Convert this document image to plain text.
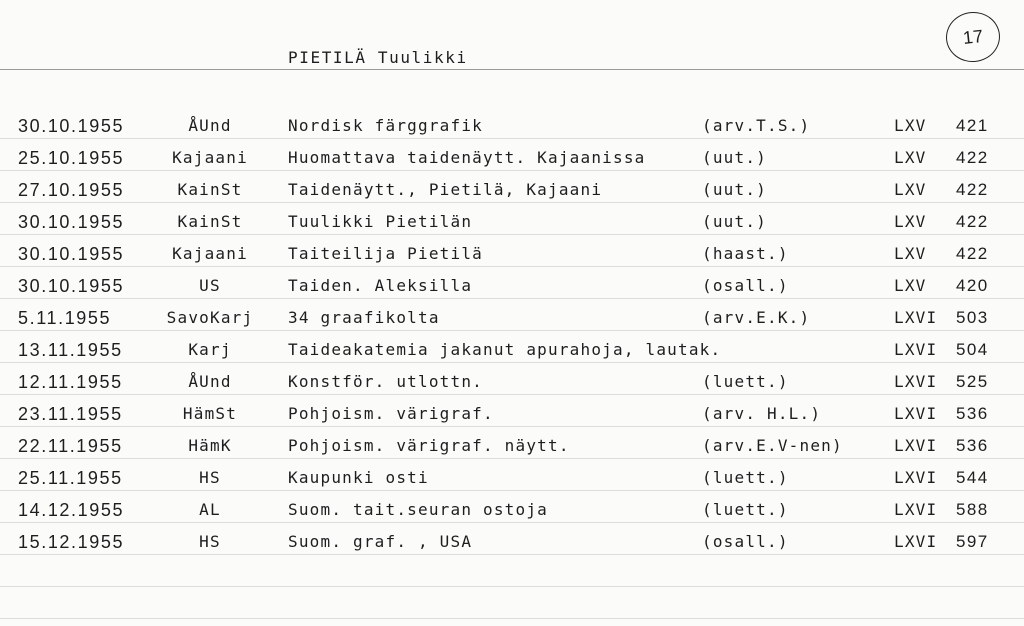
PIETILÄ Tuulikki
17
30.10.1955	ÅUnd	Nordisk färggrafik	(arv.T.S.)	LXV 421
25.10.1955	Kajaani	Huomattava taidenäytt. Kajaanissa	(uut.)	LXV 422
27.10.1955	KainSt	Taidenäytt., Pietilä, Kajaani	(uut.)	LXV 422
30.10.1955	KainSt	Tuulikki Pietilän	(uut.)	LXV 422
30.10.1955	Kajaani	Taiteilija Pietilä	(haast.)	LXV 422
30.10.1955	US	Taiden. Aleksilla	(osall.)	LXV 420
5.11.1955	SavoKarj	34 graafikolta	(arv.E.K.)	LXVI 503
13.11.1955	Karj	Taideakatemia jakanut apurahoja, lautak.	LXVI 504
12.11.1955	ÅUnd	Konstför. utlottn.	(luett.)	LXVI 525
23.11.1955	HämSt	Pohjoism. värigraf.	(arv. H.L.)	LXVI 536
22.11.1955	HämK	Pohjoism. värigraf. näytt.	(arv.E.V-nen)	LXVI 536
25.11.1955	HS	Kaupunki osti	(luett.)	LXVI 544
14.12.1955	AL	Suom. tait.seuran ostoja	(luett.)	LXVI 588
15.12.1955	HS	Suom. graf. , USA	(osall.)	LXVI 597
